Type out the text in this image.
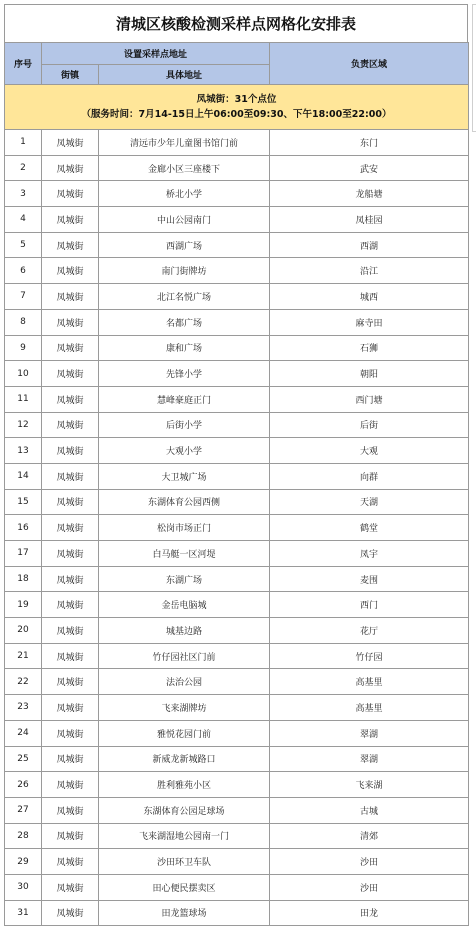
清城区核酸检测采样点网格化安排表
序号	设置采样点地址		负责区域
	街镇	具体地址	

凤城街：31个点位
（服务时间：7月14-15日上午06:00至09:30、下午18:00至22:00）			

1	凤城街	清远市少年儿童图书馆门前	东门
2	凤城街	金廊小区三座楼下	武安
3	凤城街	桥北小学	龙船塘
4	凤城街	中山公园南门	凤桂园
5	凤城街	西湖广场	西湖
6	凤城街	南门街牌坊	沿江
7	凤城街	北江名悦广场	城西
8	凤城街	名都广场	麻寺田
9	凤城街	康和广场	石狮
10	凤城街	先锋小学	朝阳
11	凤城街	慧峰豪庭正门	西门塘
12	凤城街	后街小学	后街
13	凤城街	大观小学	大观
14	凤城街	大卫城广场	向群
15	凤城街	东湖体育公园西侧	天湖
16	凤城街	松岗市场正门	鹤堂
17	凤城街	白马艇一区河堤	凤宇
18	凤城街	东湖广场	麦围
19	凤城街	金岳电脑城	西门
20	凤城街	城基边路	花厅
21	凤城街	竹仔园社区门前	竹仔园
22	凤城街	法治公园	高基里
23	凤城街	飞来湖牌坊	高基里
24	凤城街	雅悦花园门前	翠湖
25	凤城街	新威龙新城路口	翠湖
26	凤城街	胜利雅苑小区	飞来湖
27	凤城街	东湖体育公园足球场	古城
28	凤城街	飞来湖湿地公园南一门	清郊
29	凤城街	沙田环卫车队	沙田
30	凤城街	田心便民摆卖区	沙田
31	凤城街	田龙篮球场	田龙
